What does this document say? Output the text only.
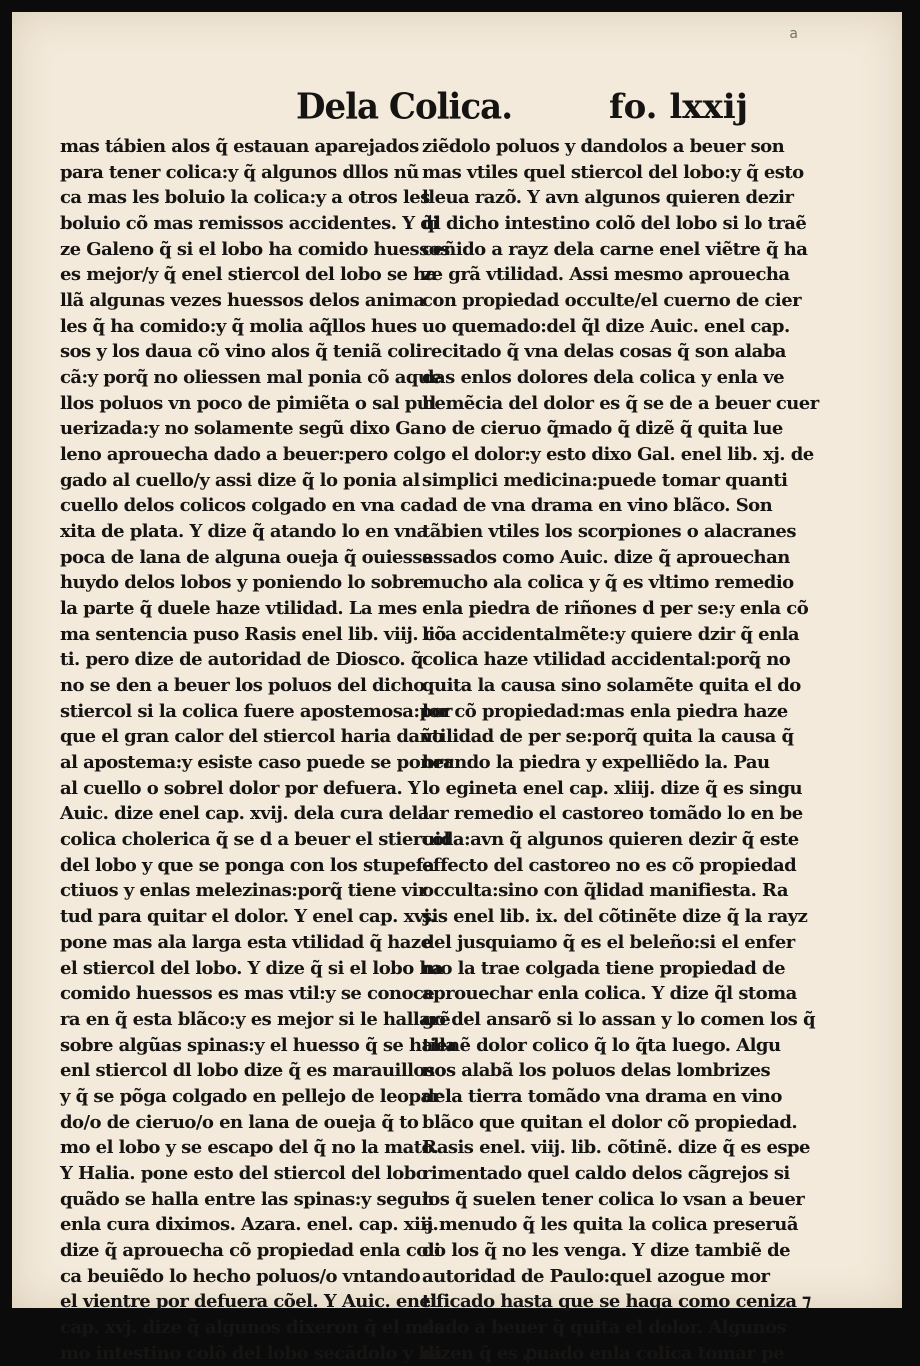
a
Dela Colica.	fo. lxxij
mas tábien alos q̃ estauan aparejados
para tener colica:y q̃ algunos dllos nũ
ca mas les boluio la colica:y a otros les
boluio cõ mas remissos accidentes. Y di
ze Galeno q̃ si el lobo ha comido huessos
es mejor/y q̃ enel stiercol del lobo se ha
llã algunas vezes huessos delos anima
les q̃ ha comido:y q̃ molia aq̃llos hues
sos y los daua cõ vino alos q̃ teniã coli
cã:y porq̃ no oliessen mal ponia cõ aque
llos poluos vn poco de pimiẽta o sal pul
uerizada:y no solamente segũ dixo Ga
leno aprouecha dado a beuer:pero col
gado al cuello/y assi dize q̃ lo ponia al
cuello delos colicos colgado en vna ca
xita de plata. Y dize q̃ atando lo en vna
poca de lana de alguna oueja q̃ ouiesse
huydo delos lobos y poniendo lo sobre
la parte q̃ duele haze vtilidad. La mes
ma sentencia puso Rasis enel lib. viij. cõ
ti. pero dize de autoridad de Diosco. q̃
no se den a beuer los poluos del dicho
stiercol si la colica fuere apostemosa:por
que el gran calor del stiercol haria daño
al apostema:y esiste caso puede se poner
al cuello o sobrel dolor por defuera. Y
Auic. dize enel cap. xvij. dela cura dela
colica cholerica q̃ se d a beuer el stiercol
del lobo y que se ponga con los stupefa
ctiuos y enlas melezinas:porq̃ tiene vir
tud para quitar el dolor. Y enel cap. xvj.
pone mas ala larga esta vtilidad q̃ haze
el stiercol del lobo. Y dize q̃ si el lobo ha
comido huessos es mas vtil:y se conoce
ra en q̃ esta blãco:y es mejor si le hallarẽ
sobre algũas spinas:y el huesso q̃ se halla
enl stiercol dl lobo dize q̃ es marauilloso
y q̃ se põga colgado en pellejo de leopar
do/o de cieruo/o en lana de oueja q̃ to
mo el lobo y se escapo del q̃ no la mato.
Y Halia. pone esto del stiercol del lobo
quãdo se halla entre las spinas:y segun
enla cura diximos. Azara. enel. cap. xiij.
dize q̃ aprouecha cõ propiedad enla coli
ca beuiẽdo lo hecho poluos/o vntando
el vientre por defuera cõel. Y Auic. enel
cap. xvj. dize q̃ algunos dixeron q̃ el mes
mo intestino colõ del lobo secãdolo y ha
ziẽdolo poluos y dandolos a beuer son
mas vtiles quel stiercol del lobo:y q̃ esto
lleua razõ. Y avn algunos quieren dezir
q̃l dicho intestino colõ del lobo si lo traẽ
ceñido a rayz dela carne enel viẽtre q̃ ha
ze grã vtilidad. Assi mesmo aprouecha
con propiedad occulte/el cuerno de cier
uo quemado:del q̃l dize Auic. enel cap.
recitado q̃ vna delas cosas q̃ son alaba
das enlos dolores dela colica y enla ve
hemẽcia del dolor es q̃ se de a beuer cuer
no de cieruo q̃mado q̃ dizẽ q̃ quita lue
go el dolor:y esto dixo Gal. enel lib. xj. de
simplici medicina:puede tomar quanti
dad de vna drama en vino blãco. Son
tãbien vtiles los scorpiones o alacranes
assados como Auic. dize q̃ aprouechan
mucho ala colica y q̃ es vltimo remedio
enla piedra de riñones d per se:y enla cõ
lica accidentalmẽte:y quiere dzir q̃ enla
colica haze vtilidad accidental:porq̃ no
quita la causa sino solamẽte quita el do
lor cõ propiedad:mas enla piedra haze
vtilidad de per se:porq̃ quita la causa q̃
brando la piedra y expelliẽdo la. Pau
lo egineta enel cap. xliij. dize q̃ es singu
lar remedio el castoreo tomãdo lo en be
uida:avn q̃ algunos quieren dezir q̃ este
effecto del castoreo no es cõ propiedad
occulta:sino con q̃lidad manifiesta. Ra
sis enel lib. ix. del cõtinẽte dize q̃ la rayz
del jusquiamo q̃ es el beleño:si el enfer
mo la trae colgada tiene propiedad de
aprouechar enla colica. Y dize q̃l stoma
go del ansarõ si lo assan y lo comen los q̃
tienẽ dolor colico q̃ lo q̃ta luego. Algu
nos alabã los poluos delas lombrizes
dela tierra tomãdo vna drama en vino
blãco que quitan el dolor cõ propiedad.
Rasis enel. viij. lib. cõtinẽ. dize q̃ es espe
rimentado quel caldo delos cãgrejos si
los q̃ suelen tener colica lo vsan a beuer
a menudo q̃ les quita la colica preseruã
do los q̃ no les venga. Y dize tambiẽ de
autoridad de Paulo:quel azogue mor
tificado hasta que se haga como ceniza ⁊
dado a beuer q̃ quita el dolor. Algunos
dizen q̃ es ꝓuado enla colica tomar pe
